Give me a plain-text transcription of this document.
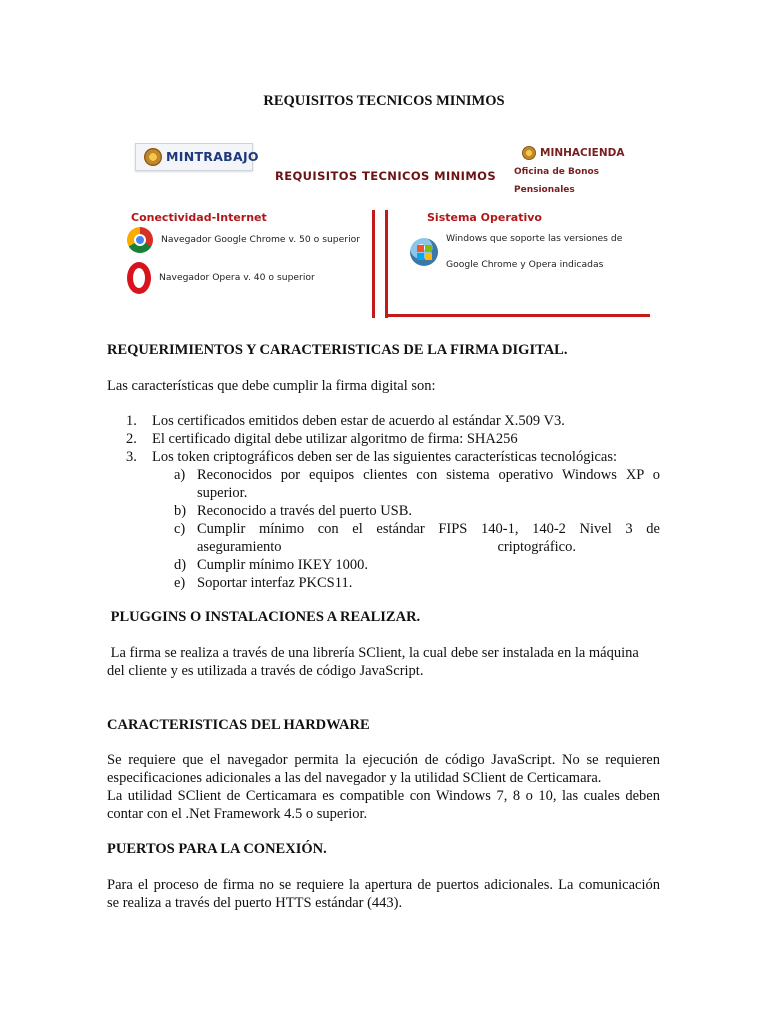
REQUISITOS TECNICOS MINIMOS
MINTRABAJO
REQUISITOS TECNICOS MINIMOS
MINHACIENDA
Oficina de Bonos Pensionales
Conectividad-Internet
Navegador Google Chrome v. 50 o superior
Navegador Opera v. 40 o superior
Sistema Operativo
Windows que soporte las versiones de
Google Chrome y Opera indicadas
REQUERIMIENTOS Y CARACTERISTICAS DE LA FIRMA DIGITAL.
Las características que debe cumplir la firma digital son:
1.	Los certificados emitidos deben estar de acuerdo al estándar X.509 V3.
2.	El certificado digital debe utilizar algoritmo de firma: SHA256
3.	Los token criptográficos deben ser de las siguientes características tecnológicas:
a) Reconocidos por equipos clientes con sistema operativo Windows XP o
superior.
b) Reconocido a través del puerto USB.
c) Cumplir mínimo con el estándar FIPS 140-1, 140-2 Nivel 3 de
aseguramiento criptográfico.
d) Cumplir mínimo IKEY 1000.
e) Soportar interfaz PKCS11.
PLUGGINS O INSTALACIONES A REALIZAR.
La firma se realiza a través de una librería SClient, la cual debe ser instalada en la máquina
del cliente y es utilizada a través de código JavaScript.
CARACTERISTICAS DEL HARDWARE
Se requiere que el navegador permita la ejecución de código JavaScript. No se requieren
especificaciones adicionales a las del navegador y la utilidad SClient de Certicamara.
La utilidad SClient de Certicamara es compatible con Windows 7, 8 o 10, las cuales deben
contar con el .Net Framework 4.5 o superior.
PUERTOS PARA LA CONEXIÓN.
Para el proceso de firma no se requiere la apertura de puertos adicionales. La comunicación
se realiza a través del puerto HTTS estándar (443).
